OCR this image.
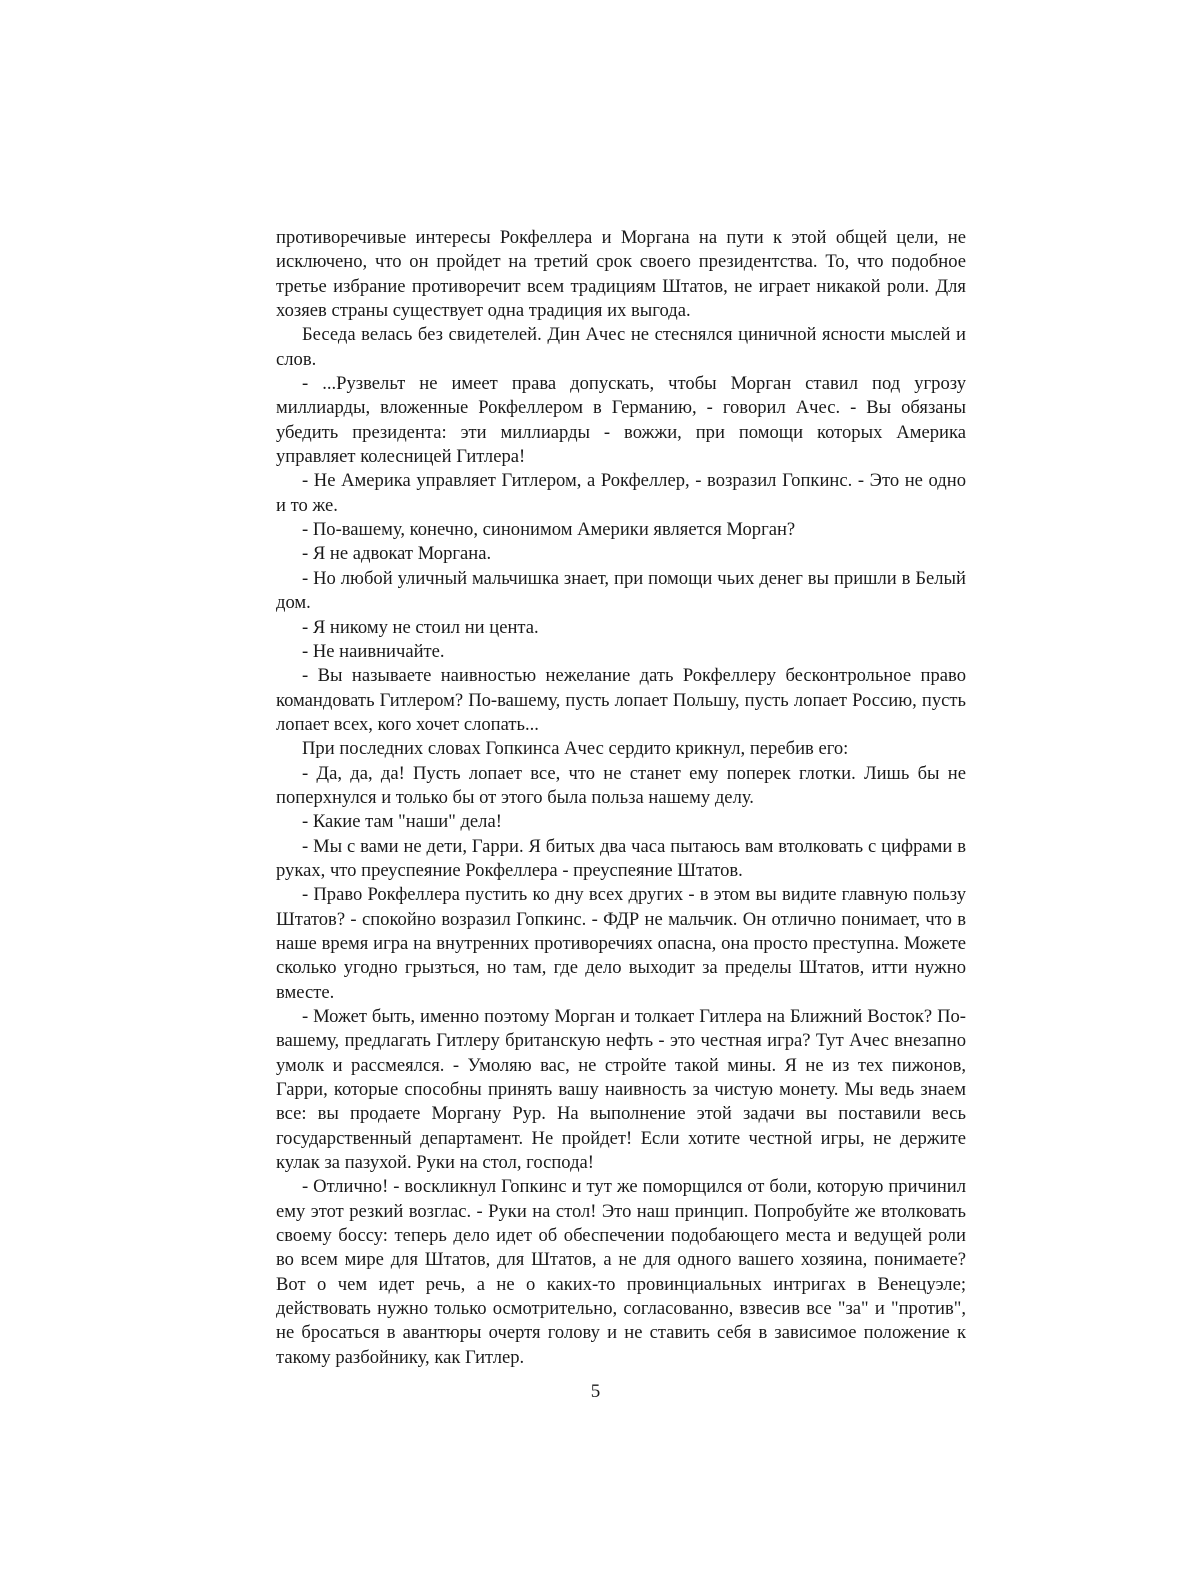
противоречивые интересы Рокфеллера и Моргана на пути к этой общей цели, не исключено, что он пройдет на третий срок своего президентства. То, что подобное третье избрание противоречит всем традициям Штатов, не играет никакой роли. Для хозяев страны существует одна традиция их выгода.

Беседа велась без свидетелей. Дин Ачес не стеснялся циничной ясности мыслей и слов.

- ...Рузвельт не имеет права допускать, чтобы Морган ставил под угрозу миллиарды, вложенные Рокфеллером в Германию, - говорил Ачес. - Вы обязаны убедить президента: эти миллиарды - вожжи, при помощи которых Америка управляет колесницей Гитлера!

- Не Америка управляет Гитлером, а Рокфеллер, - возразил Гопкинс. - Это не одно и то же.

- По-вашему, конечно, синонимом Америки является Морган?

- Я не адвокат Моргана.

- Но любой уличный мальчишка знает, при помощи чьих денег вы пришли в Белый дом.

- Я никому не стоил ни цента.

- Не наивничайте.

- Вы называете наивностью нежелание дать Рокфеллеру бесконтрольное право командовать Гитлером? По-вашему, пусть лопает Польшу, пусть лопает Россию, пусть лопает всех, кого хочет слопать...

При последних словах Гопкинса Ачес сердито крикнул, перебив его:

- Да, да, да! Пусть лопает все, что не станет ему поперек глотки. Лишь бы не поперхнулся и только бы от этого была польза нашему делу.

- Какие там "наши" дела!

- Мы с вами не дети, Гарри. Я битых два часа пытаюсь вам втолковать с цифрами в руках, что преуспеяние Рокфеллера - преуспеяние Штатов.

- Право Рокфеллера пустить ко дну всех других - в этом вы видите главную пользу Штатов? - спокойно возразил Гопкинс. - ФДР не мальчик. Он отлично понимает, что в наше время игра на внутренних противоречиях опасна, она просто преступна. Можете сколько угодно грызться, но там, где дело выходит за пределы Штатов, итти нужно вместе.

- Может быть, именно поэтому Морган и толкает Гитлера на Ближний Восток? По-вашему, предлагать Гитлеру британскую нефть - это честная игра? Тут Ачес внезапно умолк и рассмеялся. - Умоляю вас, не стройте такой мины. Я не из тех пижонов, Гарри, которые способны принять вашу наивность за чистую монету. Мы ведь знаем все: вы продаете Моргану Рур. На выполнение этой задачи вы поставили весь государственный департамент. Не пройдет! Если хотите честной игры, не держите кулак за пазухой. Руки на стол, господа!

- Отлично! - воскликнул Гопкинс и тут же поморщился от боли, которую причинил ему этот резкий возглас. - Руки на стол! Это наш принцип. Попробуйте же втолковать своему боссу: теперь дело идет об обеспечении подобающего места и ведущей роли во всем мире для Штатов, для Штатов, а не для одного вашего хозяина, понимаете? Вот о чем идет речь, а не о каких-то провинциальных интригах в Венецуэле; действовать нужно только осмотрительно, согласованно, взвесив все "за" и "против", не бросаться в авантюры очертя голову и не ставить себя в зависимое положение к такому разбойнику, как Гитлер.

5
